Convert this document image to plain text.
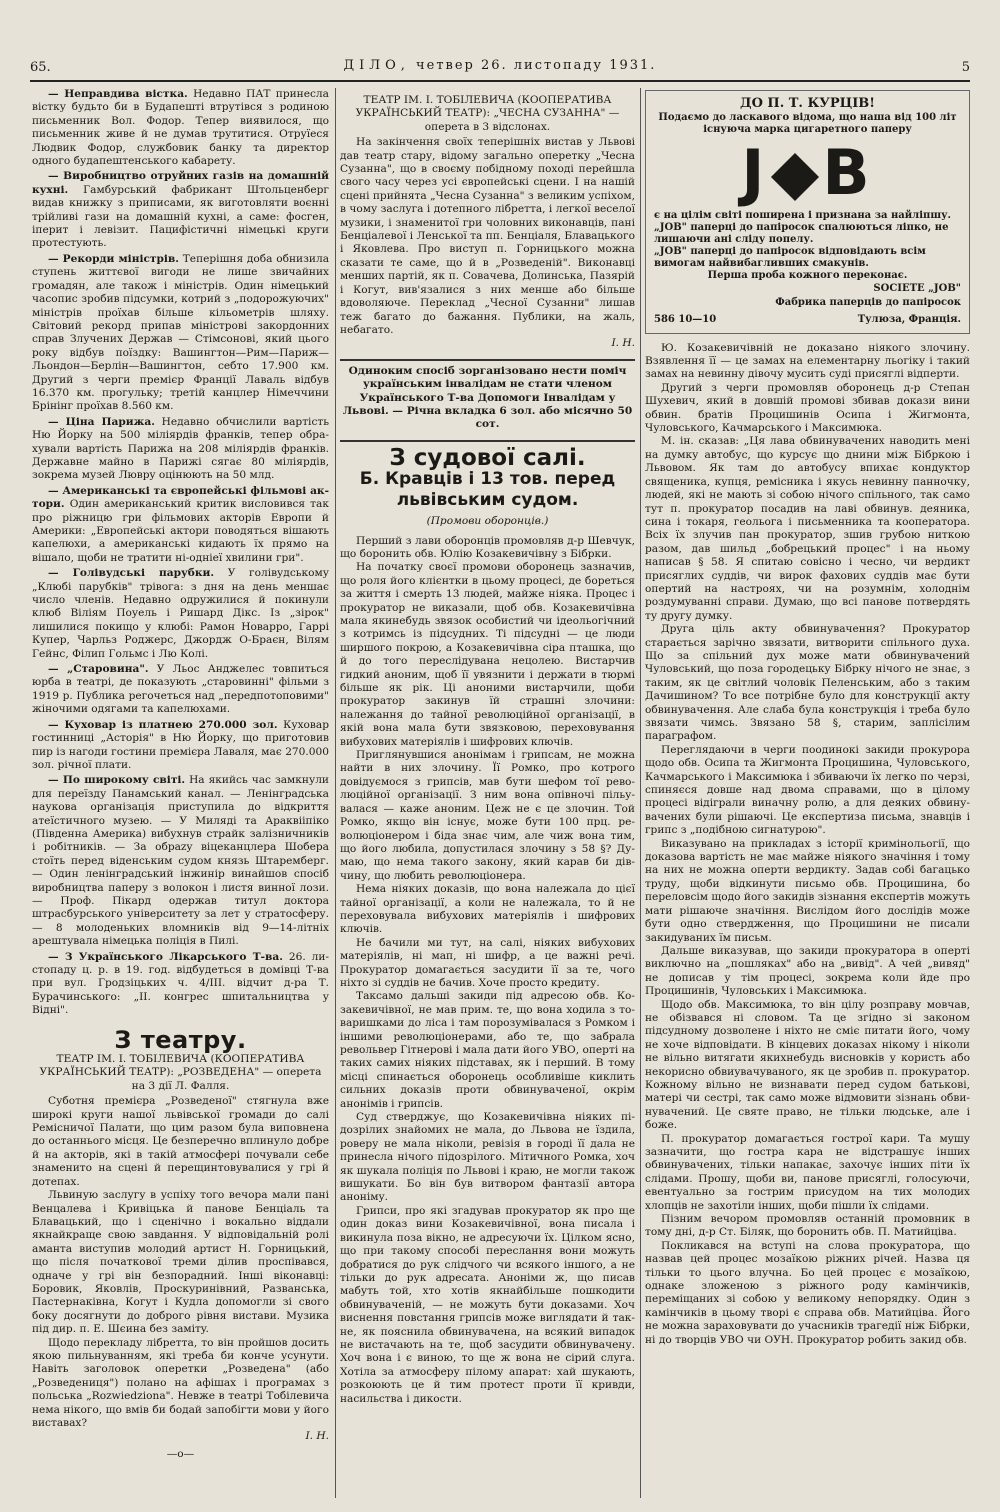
65.	ДІЛО, четвер 26. листопаду 1931.	5

— Неправдива вістка. Недавно ПАТ принесла вістку будьто би в Будапешті втрутівся з родиною письменник Вол. Фодор. Тепер виявилося, що письменник живе й не думав трутитися. Отруїеся Людвик Фодор, службовик банку та директор одного будапештенського кабарету.

— Виробництво отруйних газів на домашній кухні. Гамбурський фабрикант Штольценберг видав книжку з приписами, як виготовляти воєнні трійливі гази на домашній кухні, а саме: фосген, іперит і левізит. Пацифістичні німецькі круги протестують.

— Рекорди міністрів. Теперішня доба обнизила ступень життєвої вигоди не лише звичайних громадян, але також і міністрів. Один німецький часопис зробив підсумки, котрий з „подорожуючих" міністрів проїхав більше кільометрів шляху. Світовий рекорд припав міністрові закордонних справ Злучених Держав — Стімсонові, який цього року відбув поїздку: Вашингтон—Рим—Париж—Льондон—Берлін—Вашингтон, себто 17.900 км. Другий з черги премієр Франції Лаваль відбув 16.370 км. прогулькy; третій канцлер Німеччини Брінінг проїхав 8.560 км.

— Ціна Парижа. Недавно обчислили вартість Ню Йорку на 500 міліярдів франків, тепер обрахували вартість Парижа на 208 міліярдів франків. Державне майно в Парижі сягає 80 міліярдів, зокрема музей Люврy оцінюють на 50 млд.

— Американські та європейські фільмові актори. Один американський критик висловився так про ріжницю гри фільмових акторів Европи й Америки: „Европейські актори поводяться вішають капелюхи, а американські кидають їх прямо на вішало, щоби не тратити ні-одніеї хвилини гри".

— Голівудські парубки. У голівудському „Клюбі парубків" трівога: з дня на день меншає число членів. Недавно одружилися й покинули клюб Віліям Поуель і Ришард Дікс. Із „зірок" лишилися покищо у клюбі: Рамон Новарро, Гаррі Купер, Чарльз Роджерс, Джордж О-Браєн, Вілям Гейнс, Філип Гольмс і Лю Колі.

— „Старовина". У Льос Анджелес товпиться юрба в театрі, де показують „старовинні" фільми з 1919 р. Публика регочеться над „передпотоповими" жіночими одягами та капелюхами.

— Куховар із платнею 270.000 зол. Куховар гостинниці „Асторія" в Ню Йорку, що приготовив пир із нагоди гостини премієра Лаваля, має 270.000 зол. річної плати.

— По широкому світі. На якийсь час замкнули для переїзду Панамський канал. — Ленінградська наукова організація приступила до відкриття атеїстичного музею. — У Миляді та Араквііпіко (Південна Америка) вибухнув страйк залізничників і робітників. — За обрazy віцеканцлера Шобера стоїть перед віденським судом князь Штаремберг. — Один ленінградський інжинір винайшов спосіб виробництва паперу з волокон і листя винної лози. — Проф. Пікард одержав титул доктора штрасбурського університету за лет у стратосферу. — 8 молоденьких вломників від 9—14-літніх арештувала німецька поліція в Пилі.

— З Українського Лікарського Т-ва. 26. листопаду ц. р. в 19. год. відбудеться в домівці Т-ва при вул. Гродзіцьких ч. 4/ІІІ. відчит д-ра Т. Бурачинського: „II. конгрес шпитальництва у Відні".

З театру.

ТЕАТР ІМ. І. ТОБІЛЕВИЧА (КООПЕРАТИВА УКРАЇНСЬКИЙ ТЕАТР): „РОЗВЕДЕНА" — оперета на 3 дії Л. Фалля.

Суботня премієра „Розведеної" стягнула вже широкі круги нашої львівської громади до салі Реміcничої Палати, що цим разом була виповнена до останнього місця. Це безперечно вплинуло добре й на акторів, які в такій атмосфері почували себе знаменито на сцені й перещинтовувалися у грі й дотепах.

Львиную заслугу в успіху того вечора мали пані Венцалева і Кривіцька й панове Бенціаль та Блавацький, що і сценічно і вокально віддали якнайкраще свою завдання. У відповідальній ролі аманта виступив молодий артист Н. Горницький, що після початкової треми ділив проспівався, одначе у грі він безпорадний. Інші віконавці: Боровик, Яковлів, Проскуринівний, Разванська, Пастернаківна, Когут і Кудла допомогли зі свого боку досягнути до доброго рівня вистави. Музика під дир. п. Е. Шєина без замітy.

Щодо перекладу лібретта, то він пройшов досить якою пильнуванням, які треба би конче усунути. Навіть заголовок оперетки „Розведена" (або „Розведениця") полано на афішах і програмах з польська „Rozwiedziona". Невже в театрі Тобілевича нема нікого, що вмів би бодай запобігти мови у його виставах?

І. Н.
—о—

ТЕАТР ІМ. І. ТОБІЛЕВИЧА (КООПЕРАТИВА УКРАЇНСЬКИЙ ТЕАТР): „ЧЕСНА СУЗАННА" — оперета в 3 відслонах.

На закінчення своїх теперішніх вистав у Львові дав театр стару, відому загально оперетку „Чесна Сузанна", що в своєму побідному поході перейшла свого часу через усі європейські сцени. І на нашій сцені прийнятa „Чесна Сузанна" з великим успіхом, в чому заслуга і дотепного лібретта, і легкої веселої музики, і знаменитої гри чоловних виконавців, пані Бенціалевої і Ленської та пп. Бенціаля, Блавацького і Яковлева. Про виступ п. Горницького можна сказати те саме, що й в „Розведеній". Виконавці менших партій, як п. Совачева, Долинська, Пазярій і Когут, вив'язалися з них менше або більше вдоволяюче. Переклад „Чесної Сузанни" лишав теж багато до бажання. Публики, на жаль, небагато.

І. Н.

Одиноким спосіб зорганізовано нести поміч українським інвалідам не стати членом Українського Т-ва Допомоги Інвалідам у Львові. — Річна вкладка 6 зол. або місячно 50 сот.

З судової салі.
Б. Кравців і 13 тов. перед львівським судом.

(Промови оборонців.)

Перший з лави оборонців промовляв д-р Шевчук, що боронить обв. Юлію Козакевичівну з Бібрки.

На початку своєї промови оборонець зазначив, що роля його клієнтки в цьому процесі, де бореться за життя і смерть 13 людей, майже ніяка. Процес і прокуратор не виказали, щоб обв. Козакевичівна мала якинебудь звязок особистий чи ідеольогічний з котримсь із підсудних. Ті підсудні — це люди ширшого покрою, а Козакевичівна сіра пташка, що й до того переслідувана нецолею. Вистарчив гидкий аноним, щоб її увязнити і держати в тюрмі більше як рік. Ці аноними вистарчили, щоби прокуратор закинув їй страшні злочини: належання до тайної революційної організації, в якій вона мала бути звязковою, переховування вибухових матеріялів і шифрових ключів.

Приглянувшися анонімам і грипсам, не можна найти в них злочину. Її Ромко, про котрого довідуємося з грипсів, мав бути шефом тої революційної організації. З ним вона опівночі пільувалася — каже аноним. Цеж не є це злочин. Той Ромко, якщо він існує, може бути 100 прц. революціонером і біда знає чим, але чиж вона тим, що його любила, допустилася злочину з 58 §? Думаю, що нема такого закону, який карав би дівчину, що любить революціонера.

Нема ніяких доказів, що вона належала до цієї тайної організації, а коли не належала, то й не переховувала вибухових матеріялів і шифрових ключів.

Не бачили ми тут, на салі, ніяких вибухових матеріялів, ні мап, ні шифр, а це важні речі. Прокуратор домагається засудити її за те, чого ніхто зі суддів не бачив. Хоче просто кредиту.

Таксамо дальші закиди під адресою обв. Козакевичівної, не мав прим. те, що вона ходила з товаришками до ліса і там порозумівалася з Ромком і іншими революціонерами, або те, що забрала револьвер Гітнерові і мала дати його УВО, оперті на таких самих ніяких підставах, як і перший. В тому місці спинається оборонець особливіше киклить сильних доказів проти обвинуваченої, окрім анонімів і грипсів.

Суд стверджує, що Козакевичівна ніяких підозрілих знайомих не мала, до Львова не їздила, роверу не мала ніколи, ревізія в городі її дала не принесла нічого підозрілого. Мітичного Ромка, хоч як шукала поліція по Львові і краю, не могли також вишукати. Бо він був витвором фантазії автора аноніму.

Грипси, про які згадував прокуратор як про ще один доказ вини Козакевичівної, вона писала і викинула поза вікно, не адресуючи їх. Цілком ясно, що при такому способі переслання вони можуть добратися до рук слідчого чи всякого іншого, а не тільки до рук адресата. Аноніми ж, що писав мабуть той, хто хотів якнайбільше пошкодити обвинуваченій, — не можуть бути доказами. Хоч виснення повстання грипсів може виглядати й так не, як пояснила обвинувачена, на всякий випадок не вистачають на те, щоб засудити обвинувачену. Хоч вона і є виною, то ще ж вона не сірий слуга. Хотілa за атмосферу пілому апарат: хай шукають, розкоюють це й тим протест проти її кривди, насильства і дикости.

ДО П. Т. КУРЦІВ!
Подаємо до ласкавого відома, що наша від 100 літ існуюча марка цигаретного паперу
J B
є на цілім світі поширена і признана за найліпшу. „JOB" паперці до папіросок спалюються ліпко, не лишаючи ані сліду попелу.
„JOB" паперці до папіросок відповідають всім вимогам найвибагливших смакунів.
Перша проба кожного переконає.
SOCIETE „JOB"
Фабрика паперців до папіросок
586 10—10	Тулюза, Франція.

Ю. Козакевичівній не доказано ніякого злочину. Взявлення її — це замах на елементарну льогіку і такий замах на невинну дівочу мусить суді присяглі відперти.

Другий з черги промовляв оборонець д-р Степан Шухевич, який в довшій промові збивав докази вини обвин. братів Процишинів Осипа і Жигмонта, Чуловського, Качмарського і Максимюка.

М. ін. сказав: „Ця лава обвинувачених наводить мені на думку автобус, що курсує що днини між Бібркою і Львовом. Як там до автобусу впихає кондуктор священика, купця, ремісника і якусь невинну панночку, людей, які не мають зі собою нічого спільного, так само тут п. прокуратор посадив на лаві обвинув. деяника, сина і токаря, геольога і письменника та кооператора. Всіх їх злучив пан прокуратор, зшив грубою ниткою разом, дав шильд „бобрецький процес" і на ньому написав § 58. Я спитаю совісно і чесно, чи вердикт присяглих суддів, чи вирок фахових суддів має бути опертий на настроях, чи на розумнім, холоднім роздумуванні справи. Думаю, що всі панове потвердять ту другу думку.

Друга ціль акту обвинувачення? Прокуратор старається зарічно звязати, витворити спільного духа. Що за спільний дух може мати обвинувачений Чуловський, що поза городецьку Бібрку нічого не знає, з таким, як це світлий чоловік Пеленським, або з таким Дачишином? То все потрібне було для конструкції акту обвинувачення. Але слаба була конструкція і треба було звязати чимсь. Звязано 58 §, старим, заплісілим параграфом.

Переглядаючи в черги поодинокі закиди прокурора щодо обв. Осипа та Жигмонта Процишина, Чуловського, Качмарського і Максимюка і збиваючи їх легко по черзі, спиняєся довше над двома справами, що в цілому процесі відіграли виначну ролю, а для деяких обвинувачених були рішаючі. Це експертиза письма, знавців і грипс з „подібною сигнатурою".

Виказувано на прикладах з історії кримінольогії, що доказова вартість не має майже ніякого значіння і тому на них не можна оперти вердикту. Задав собі багацько труду, щоби відкинути письмо обв. Процишина, бо переловсім щодо його закидів зізнання експертів можуть мати рішаюче значіння. Вислідом його дослідів може бути одно ствердження, що Процишини не писали закидуваних їм письм.

Дальше виказував, що закиди прокуратора в оперті виключно на „пошляках" або на „вивід". А чей „вивяд" не дописав у тім процесі, зокрема коли йде про Процишинів, Чуловських і Максимюка.

Щодо обв. Максимюка, то він цілу розправу мовчав, не обізвався ні словом. Та це згідно зі законом підсудному дозволене і ніхто не сміє питати його, чому не хоче відповідати. В кінцевих доказах нікому і ніколи не вільно витягати якихнебудь висновків у користь або некорисно обвиувачуваного, як це зробив п. прокуратор. Кожному вільно не визнавати перед судом батькові, матері чи сестрі, так само може відмовити зізнань обвинувачений. Це святе право, не тільки людське, але і боже.

П. прокуратор домагається гострої кари. Та мушу зазначити, що гостра кара не відстрашує інших обвинувачених, тільки напакає, захочує інших піти їх слідами. Прошу, щоби ви, панове присяглі, голосуючи, евентуально за гострим присудом на тих молодих хлопців не захотіли інших, щоби пішли їх слідами.

Пізним вечором промовляв останній промовник в тому дні, д-р Ст. Біляк, що боронить обв. П. Матийцiва.

Покликався на вступі на слова прокуратора, що назвав цей процес мозаїкою ріжних річей. Назва ця тільки то цього влучна. Бо цей процес є мозаїкою, однаке зложеною з ріжного роду камінчиків, переміщаних зі собою у великому непорядку. Один з камінчиків в цьому творі є справа обв. Матийціва. Його не можна зараховувати до учасників трагедії ніж Бібрки, ні до творців УВО чи ОУН. Прокуратор робить закид обв.
